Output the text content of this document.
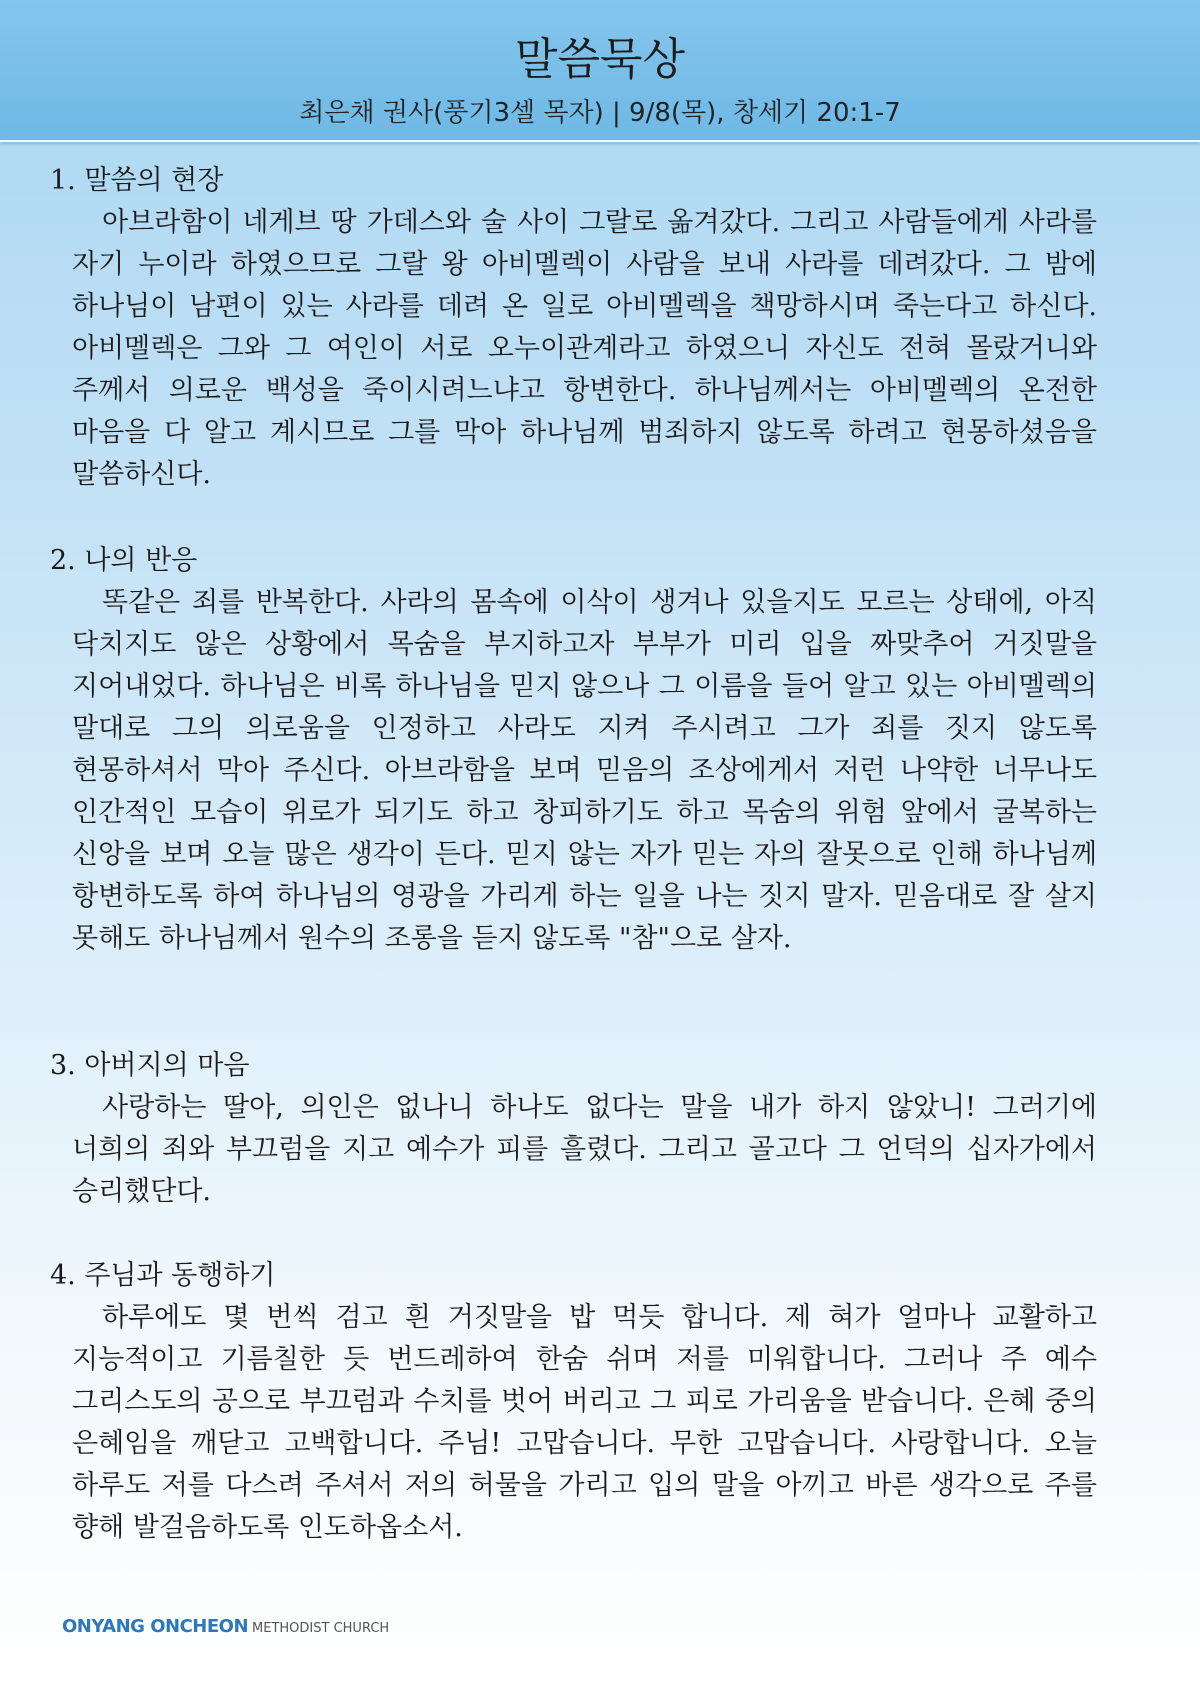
말씀묵상
최은채 권사(풍기3셀 목자) | 9/8(목), 창세기 20:1-7
1. 말씀의 현장

아브라함이 네게브 땅 가데스와 술 사이 그랄로 옮겨갔다. 그리고 사람들에게 사라를 자기 누이라 하였으므로 그랄 왕 아비멜렉이 사람을 보내 사라를 데려갔다. 그 밤에 하나님이 남편이 있는 사라를 데려 온 일로 아비멜렉을 책망하시며 죽는다고 하신다. 아비멜렉은 그와 그 여인이 서로 오누이관계라고 하였으니 자신도 전혀 몰랐거니와 주께서 의로운 백성을 죽이시려느냐고 항변한다. 하나님께서는 아비멜렉의 온전한 마음을 다 알고 계시므로 그를 막아 하나님께 범죄하지 않도록 하려고 현몽하셨음을 말씀하신다.

2. 나의 반응

똑같은 죄를 반복한다. 사라의 몸속에 이삭이 생겨나 있을지도 모르는 상태에, 아직 닥치지도 않은 상황에서 목숨을 부지하고자 부부가 미리 입을 짜맞추어 거짓말을 지어내었다. 하나님은 비록 하나님을 믿지 않으나 그 이름을 들어 알고 있는 아비멜렉의 말대로 그의 의로움을 인정하고 사라도 지켜 주시려고 그가 죄를 짓지 않도록 현몽하셔서 막아 주신다. 아브라함을 보며 믿음의 조상에게서 저런 나약한 너무나도 인간적인 모습이 위로가 되기도 하고 창피하기도 하고 목숨의 위험 앞에서 굴복하는 신앙을 보며 오늘 많은 생각이 든다. 믿지 않는 자가 믿는 자의 잘못으로 인해 하나님께 항변하도록 하여 하나님의 영광을 가리게 하는 일을 나는 짓지 말자. 믿음대로 잘 살지 못해도 하나님께서 원수의 조롱을 듣지 않도록 "참"으로 살자.

3. 아버지의 마음

사랑하는 딸아, 의인은 없나니 하나도 없다는 말을 내가 하지 않았니! 그러기에 너희의 죄와 부끄럼을 지고 예수가 피를 흘렸다. 그리고 골고다 그 언덕의 십자가에서 승리했단다.

4. 주님과 동행하기

하루에도 몇 번씩 검고 흰 거짓말을 밥 먹듯 합니다. 제 혀가 얼마나 교활하고 지능적이고 기름칠한 듯 번드레하여 한숨 쉬며 저를 미워합니다. 그러나 주 예수 그리스도의 공으로 부끄럼과 수치를 벗어 버리고 그 피로 가리움을 받습니다. 은혜 중의 은혜임을 깨닫고 고백합니다. 주님! 고맙습니다. 무한 고맙습니다. 사랑합니다. 오늘 하루도 저를 다스려 주셔서 저의 허물을 가리고 입의 말을 아끼고 바른 생각으로 주를 향해 발걸음하도록 인도하옵소서.

ONYANG ONCHEON METHODIST CHURCH
